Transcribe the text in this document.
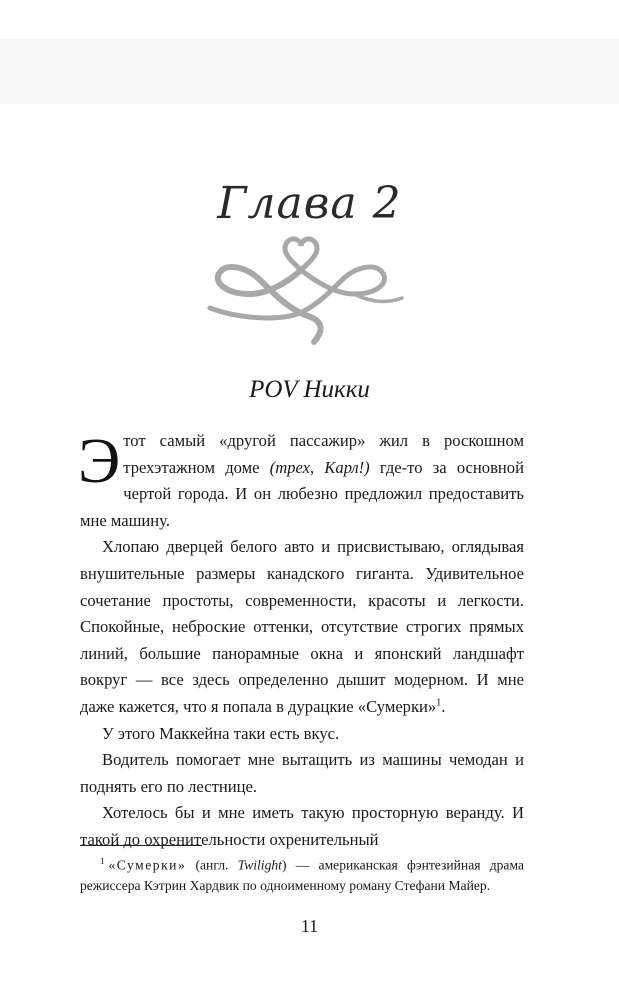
Глава 2
POV Никки

Этот самый «другой пассажир» жил в роскошном трехэтажном доме (трех, Карл!) где-то за основной чертой города. И он любезно предложил предоставить мне машину.

Хлопаю дверцей белого авто и присвистываю, оглядывая внушительные размеры канадского гиганта. Удивительное сочетание простоты, современности, красоты и легкости. Спокойные, неброские оттенки, отсутствие строгих прямых линий, большие панорамные окна и японский ландшафт вокруг — все здесь определенно дышит модерном. И мне даже кажется, что я попала в дурацкие «Сумерки»$^1$.

У этого Маккейна таки есть вкус.

Водитель помогает мне вытащить из машины чемодан и поднять его по лестнице.

Хотелось бы и мне иметь такую просторную веранду. И такой до охренительности охренительный

$^1$ «Сумерки» (англ. Twilight) — американская фэнтезийная драма режиссера Кэтрин Хардвик по одноименному роману Стефани Майер.
11
